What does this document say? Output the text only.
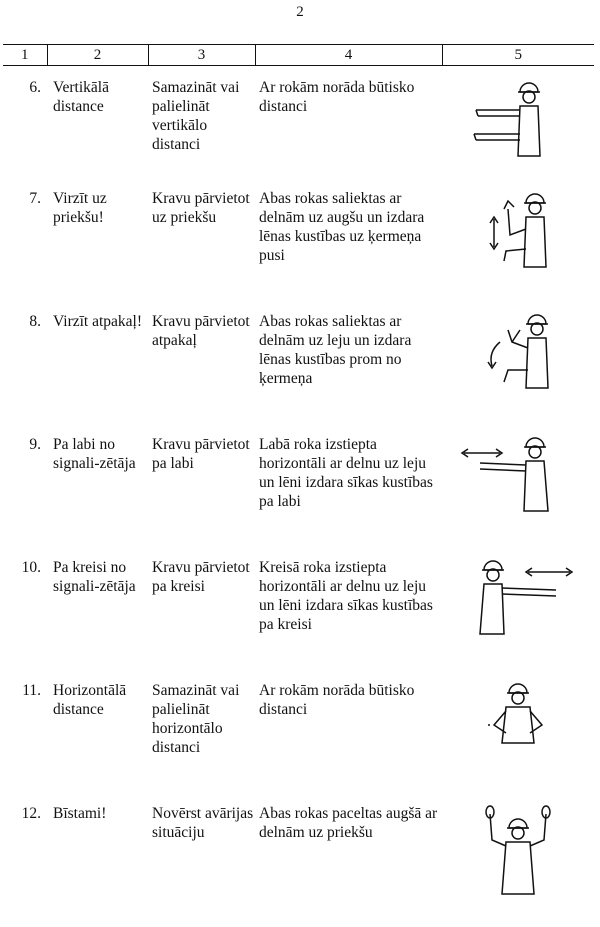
2
1	2	3	4	5
6.	Vertikālā distance	Samazināt vai palielināt vertikālo distanci	Ar rokām norāda būtisko distanci	

7.	Virzīt uz priekšu!	Kravu pārvietot uz priekšu	Abas rokas saliektas ar delnām uz augšu un izdara lēnas kustības uz ķermeņa pusi	

8.	Virzīt atpakaļ!	Kravu pārvietot atpakaļ	Abas rokas saliektas ar delnām uz leju un izdara lēnas kustības prom no ķermeņa	

9.	Pa labi no signali-zētāja	Kravu pārvietot pa labi	Labā roka izstiepta horizontāli ar delnu uz leju un lēni izdara sīkas kustības pa labi	

10.	Pa kreisi no signali-zētāja	Kravu pārvietot pa kreisi	Kreisā roka izstiepta horizontāli ar delnu uz leju un lēni izdara sīkas kustības pa kreisi	

11.	Horizontālā distance	Samazināt vai palielināt horizontālo distanci	Ar rokām norāda būtisko distanci	

12.	Bīstami!	Novērst avārijas situāciju	Abas rokas paceltas augšā ar delnām uz priekšu	
